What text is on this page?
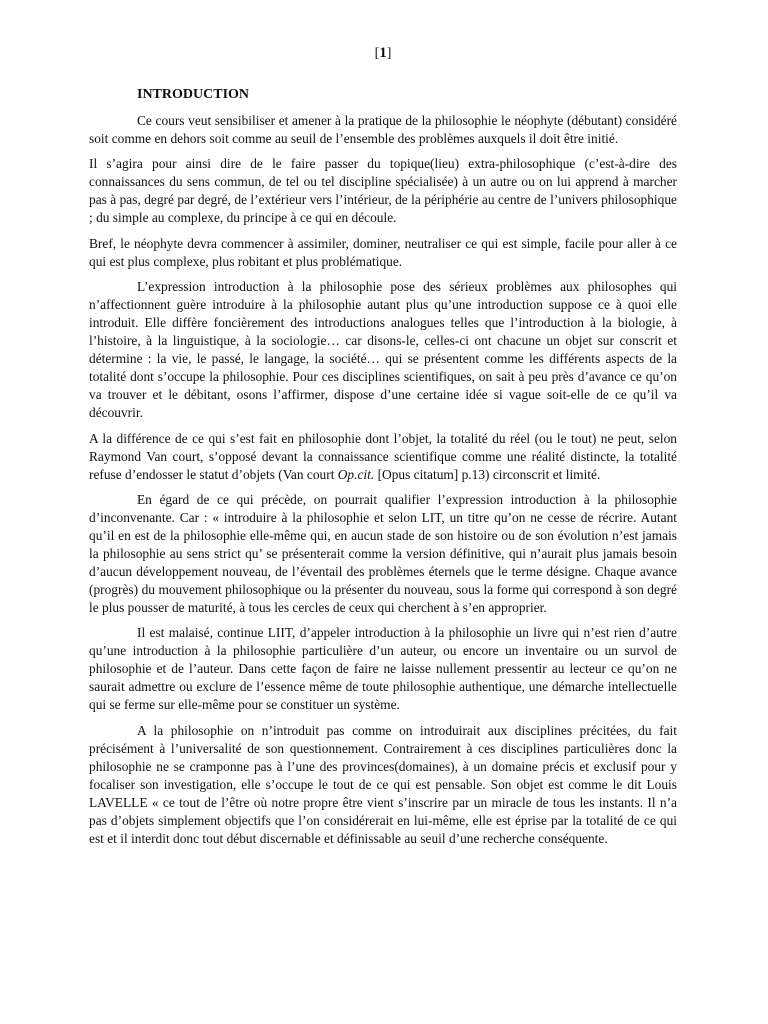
[1]
INTRODUCTION

Ce cours veut sensibiliser et amener à la pratique de la philosophie le néophyte (débutant) considéré soit comme en dehors soit comme au seuil de l’ensemble des problèmes auxquels il doit être initié.

Il s’agira pour ainsi dire de le faire passer du topique(lieu) extra-philosophique (c’est-à-dire des connaissances du sens commun, de tel ou tel discipline spécialisée) à un autre ou on lui apprend à marcher pas à pas, degré par degré, de l’extérieur vers l’intérieur, de la périphérie au centre de l’univers philosophique ; du simple au complexe, du principe à ce qui en découle.

Bref, le néophyte devra commencer à assimiler, dominer, neutraliser ce qui est simple, facile pour aller à ce qui est plus complexe, plus robitant et plus problématique.

L’expression introduction à la philosophie pose des sérieux problèmes aux philosophes qui n’affectionnent guère introduire à la philosophie autant plus qu’une introduction suppose ce à quoi elle introduit. Elle diffère foncièrement des introductions analogues telles que l’introduction à la biologie, à l’histoire, à la linguistique, à la sociologie… car disons-le, celles-ci ont chacune un objet sur conscrit et détermine : la vie, le passé, le langage, la société… qui se présentent comme les différents aspects de la totalité dont s’occupe la philosophie. Pour ces disciplines scientifiques, on sait à peu près d’avance ce qu’on va trouver et le débitant, osons l’affirmer, dispose d’une certaine idée si vague soit-elle de ce qu’il va découvrir.

A la différence de ce qui s’est fait en philosophie dont l’objet, la totalité du réel (ou le tout) ne peut, selon Raymond Van court, s’opposé devant la connaissance scientifique comme une réalité distincte, la totalité refuse d’endosser le statut d’objets (Van court Op.cit. [Opus citatum] p.13) circonscrit et limité.

En égard de ce qui précède, on pourrait qualifier l’expression introduction à la philosophie d’inconvenante. Car : « introduire à la philosophie et selon LIT, un titre qu’on ne cesse de récrire. Autant qu’il en est de la philosophie elle-même qui, en aucun stade de son histoire ou de son évolution n’est jamais la philosophie au sens strict qu’ se présenterait comme la version définitive, qui n’aurait plus jamais besoin d’aucun développement nouveau, de l’éventail des problèmes éternels que le terme désigne. Chaque avance (progrès) du mouvement philosophique ou la présenter du nouveau, sous la forme qui correspond à son degré le plus pousser de maturité, à tous les cercles de ceux qui cherchent à s’en approprier.

Il est malaisé, continue LIIT, d’appeler introduction à la philosophie un livre qui n’est rien d’autre qu’une introduction à la philosophie particulière d’un auteur, ou encore un inventaire ou un survol de philosophie et de l’auteur. Dans cette façon de faire ne laisse nullement pressentir au lecteur ce qu’on ne saurait admettre ou exclure de l’essence même de toute philosophie authentique, une démarche intellectuelle qui se ferme sur elle-même pour se constituer un système.

A la philosophie on n’introduit pas comme on introduirait aux disciplines précitées, du fait précisément à l’universalité de son questionnement. Contrairement à ces disciplines particulières donc la philosophie ne se cramponne pas à l’une des provinces(domaines), à un domaine précis et exclusif pour y focaliser son investigation, elle s’occupe le tout de ce qui est pensable. Son objet est comme le dit Louis LAVELLE « ce tout de l’être où notre propre être vient s’inscrire par un miracle de tous les instants. Il n’a pas d’objets simplement objectifs que l’on considérerait en lui-même, elle est éprise par la totalité de ce qui est et il interdit donc tout début discernable et définissable au seuil d’une recherche conséquente.
